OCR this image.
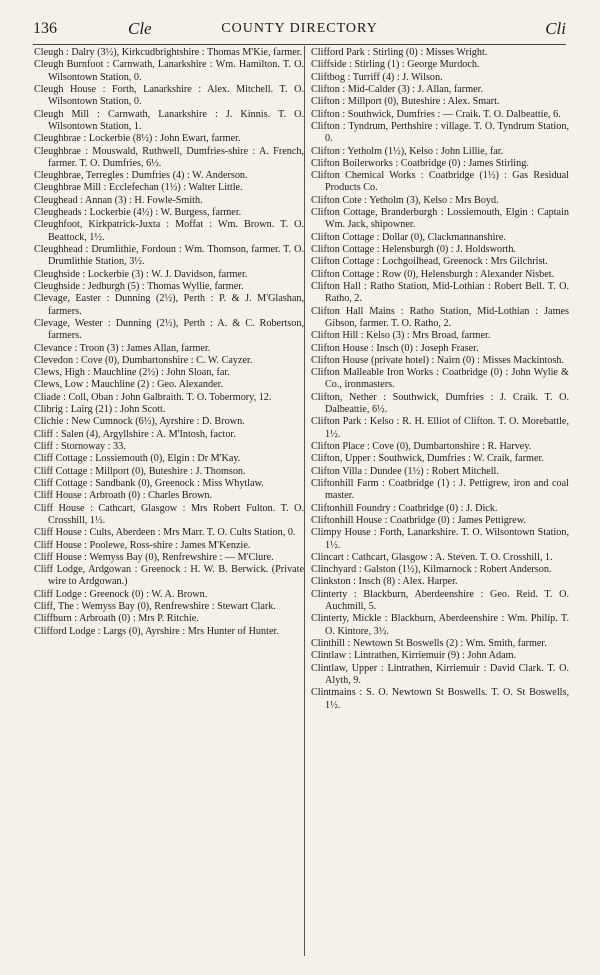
136	Cle	COUNTY DIRECTORY	Cli

Cleugh : Dalry (3½), Kirkcudbrightshire : Thomas M'Kie, farmer.

Cleugh Burnfoot : Carnwath, Lanarkshire : Wm. Hamilton. T. O. Wilsontown Station, 0.

Cleugh House : Forth, Lanarkshire : Alex. Mitchell. T. O. Wilsontown Station, 0.

Cleugh Mill : Carnwath, Lanarkshire : J. Kinnis. T. O. Wilsontown Station, 1.

Cleughbrae : Lockerbie (8½) : John Ewart, farmer.

Cleughbrae : Mouswald, Ruthwell, Dumfries-shire : A. French, farmer. T. O. Dumfries, 6½.

Cleughbrae, Terregles : Dumfries (4) : W. Anderson.

Cleughbrae Mill : Ecclefechan (1½) : Walter Little.

Cleughead : Annan (3) : H. Fowle-Smith.

Cleugheads : Lockerbie (4½) : W. Burgess, farmer.

Cleughfoot, Kirkpatrick-Juxta : Moffat : Wm. Brown. T. O. Beattock, 1½.

Cleughhead : Drumlithie, Fordoun : Wm. Thomson, farmer. T. O. Drumlithie Station, 3½.

Cleughside : Lockerbie (3) : W. J. Davidson, farmer.

Cleughside : Jedburgh (5) : Thomas Wyllie, farmer.

Clevage, Easter : Dunning (2½), Perth : P. & J. M'Glashan, farmers.

Clevage, Wester : Dunning (2½), Perth : A. & C. Robertson, farmers.

Clevance : Troon (3) : James Allan, farmer.

Clevedon : Cove (0), Dumbartonshire : C. W. Cayzer.

Clews, High : Mauchline (2½) : John Sloan, far.

Clews, Low : Mauchline (2) : Geo. Alexander.

Cliade : Coll, Oban : John Galbraith. T. O. Tobermory, 12.

Clibrig : Lairg (21) : John Scott.

Clichie : New Cumnock (6½), Ayrshire : D. Brown.

Cliff : Salen (4), Argyllshire : A. M'Intosh, factor.

Cliff : Stornoway : 33.

Cliff Cottage : Lossiemouth (0), Elgin : Dr M'Kay.

Cliff Cottage : Millport (0), Buteshire : J. Thomson.

Cliff Cottage : Sandbank (0), Greenock : Miss Whytlaw.

Cliff House : Arbroath (0) : Charles Brown.

Cliff House : Cathcart, Glasgow : Mrs Robert Fulton. T. O. Crosshill, 1½.

Cliff House : Cults, Aberdeen : Mrs Marr. T. O. Cults Station, 0.

Cliff House : Poolewe, Ross-shire : James M'Kenzie.

Cliff House : Wemyss Bay (0), Renfrewshire : — M'Clure.

Cliff Lodge, Ardgowan : Greenock : H. W. B. Berwick. (Private wire to Ardgowan.)

Cliff Lodge : Greenock (0) : W. A. Brown.

Cliff, The : Wemyss Bay (0), Renfrewshire : Stewart Clark.

Cliffburn : Arbroath (0) : Mrs P. Ritchie.

Clifford Lodge : Largs (0), Ayrshire : Mrs Hunter of Hunter.

Clifford Park : Stirling (0) : Misses Wright.

Cliffside : Stirling (1) : George Murdoch.

Cliftbog : Turriff (4) : J. Wilson.

Clifton : Mid-Calder (3) : J. Allan, farmer.

Clifton : Millport (0), Buteshire : Alex. Smart.

Clifton : Southwick, Dumfries : — Craik. T. O. Dalbeattie, 6.

Clifton : Tyndrum, Perthshire : village. T. O. Tyndrum Station, 0.

Clifton : Yetholm (1½), Kelso : John Lillie, far.

Clifton Boilerworks : Coatbridge (0) : James Stirling.

Clifton Chemical Works : Coatbridge (1½) : Gas Residual Products Co.

Clifton Cote : Yetholm (3), Kelso : Mrs Boyd.

Clifton Cottage, Branderburgh : Lossiemouth, Elgin : Captain Wm. Jack, shipowner.

Clifton Cottage : Dollar (0), Clackmannanshire.

Clifton Cottage : Helensburgh (0) : J. Holdsworth.

Clifton Cottage : Lochgoilhead, Greenock : Mrs Gilchrist.

Clifton Cottage : Row (0), Helensburgh : Alexander Nisbet.

Clifton Hall : Ratho Station, Mid-Lothian : Robert Bell. T. O. Ratho, 2.

Clifton Hall Mains : Ratho Station, Mid-Lothian : James Gibson, farmer. T. O. Ratho, 2.

Clifton Hill : Kelso (3) : Mrs Broad, farmer.

Clifton House : Insch (0) : Joseph Fraser.

Clifton House (private hotel) : Nairn (0) : Misses Mackintosh.

Clifton Malleable Iron Works : Coatbridge (0) : John Wylie & Co., ironmasters.

Clifton, Nether : Southwick, Dumfries : J. Craik. T. O. Dalbeattie, 6½.

Clifton Park : Kelso : R. H. Elliot of Clifton. T. O. Morebattle, 1½.

Clifton Place : Cove (0), Dumbartonshire : R. Harvey.

Clifton, Upper : Southwick, Dumfries : W. Craik, farmer.

Clifton Villa : Dundee (1½) : Robert Mitchell.

Cliftonhill Farm : Coatbridge (1) : J. Pettigrew, iron and coal master.

Cliftonhill Foundry : Coatbridge (0) : J. Dick.

Cliftonhill House : Coatbridge (0) : James Pettigrew.

Climpy House : Forth, Lanarkshire. T. O. Wilsontown Station, 1½.

Clincart : Cathcart, Glasgow : A. Steven. T. O. Crosshill, 1.

Clinchyard : Galston (1½), Kilmarnock : Robert Anderson.

Clinkston : Insch (8) : Alex. Harper.

Clinterty : Blackburn, Aberdeenshire : Geo. Reid. T. O. Auchmill, 5.

Clinterty, Mickle : Blackburn, Aberdeenshire : Wm. Philip. T. O. Kintore, 3½.

Clinthill : Newtown St Boswells (2) : Wm. Smith, farmer.

Clintlaw : Lintrathen, Kirriemuir (9) : John Adam.

Clintlaw, Upper : Lintrathen, Kirriemuir : David Clark. T. O. Alyth, 9.

Clintmains : S. O. Newtown St Boswells. T. O. St Boswells, 1½.
